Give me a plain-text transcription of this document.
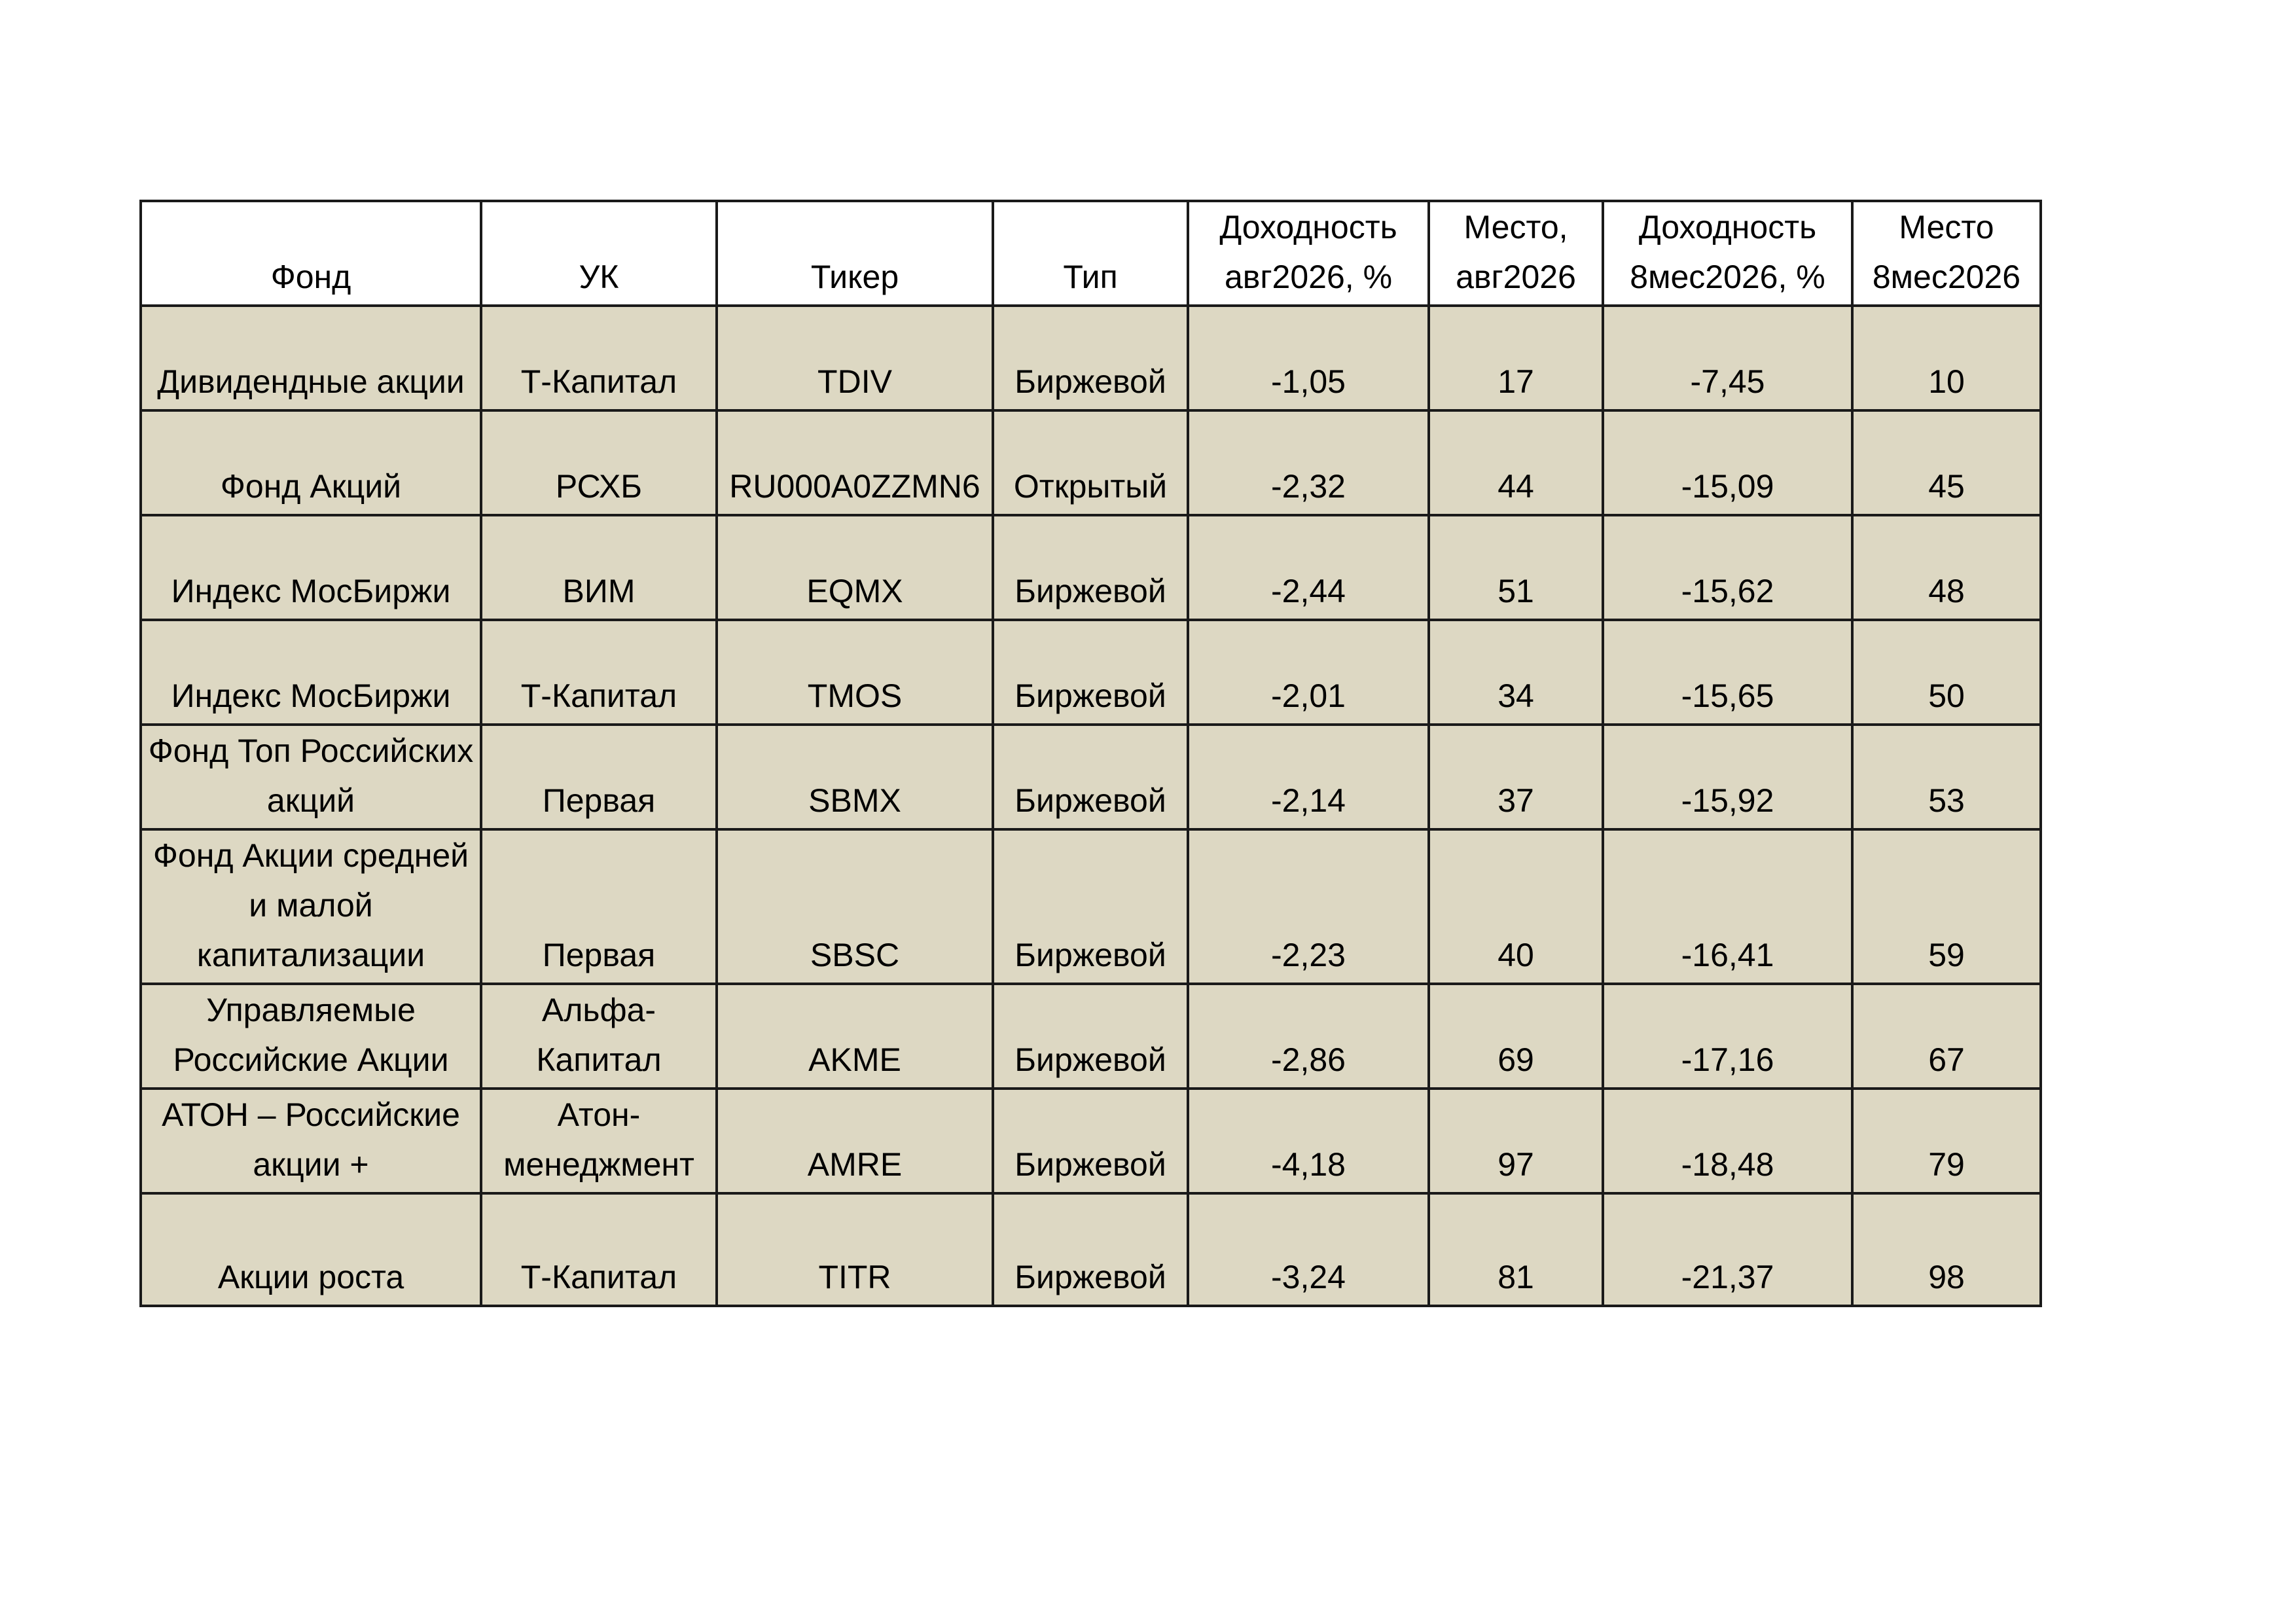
Фонд	УК	Тикер	Тип	Доходность авг2026, %	Место, авг2026	Доходность 8мес2026, %	Место 8мес2026
Дивидендные акции	Т-Капитал	TDIV	Биржевой	-1,05	17	-7,45	10
Фонд Акций	РСХБ	RU000A0ZZMN6	Открытый	-2,32	44	-15,09	45
Индекс МосБиржи	ВИМ	EQMX	Биржевой	-2,44	51	-15,62	48
Индекс МосБиржи	Т-Капитал	TMOS	Биржевой	-2,01	34	-15,65	50
Фонд Топ Российских акций	Первая	SBMX	Биржевой	-2,14	37	-15,92	53
Фонд Акции средней и малой капитализации	Первая	SBSC	Биржевой	-2,23	40	-16,41	59
Управляемые Российские Акции	Альфа-Капитал	AKME	Биржевой	-2,86	69	-17,16	67
АТОН – Российские акции +	Атон-менеджмент	AMRE	Биржевой	-4,18	97	-18,48	79
Акции роста	Т-Капитал	TITR	Биржевой	-3,24	81	-21,37	98
